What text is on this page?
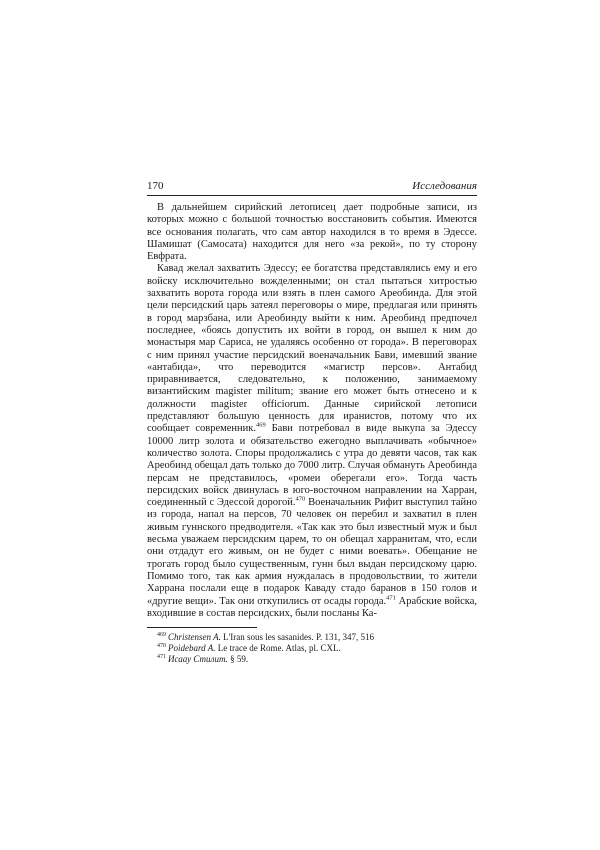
170	Исследования

В дальнейшем сирийский летописец дает подробные записи, из которых можно с большой точностью восстановить события. Имеются все основания полагать, что сам автор находился в то время в Эдессе. Шамишат (Самосата) находится для него «за рекой», по ту сторону Евфрата.

Кавад желал захватить Эдессу; ее богатства представлялись ему и его войску исключительно вожделенными; он стал пытаться хитростью захватить ворота города или взять в плен самого Ареобинда. Для этой цели персидский царь затеял переговоры о мире, предлагая или принять в город марзбана, или Ареобинду выйти к ним. Ареобинд предпочел последнее, «боясь допустить их войти в город, он вышел к ним до монастыря мар Сариса, не удаляясь особенно от города». В переговорах с ним принял участие персидский военачальник Бави, имевший звание «антабида», что переводится «магистр персов». Антабид приравнивается, следовательно, к положению, занимаемому византийским magister militum; звание его может быть отнесено и к должности magister officiorum. Данные сирийской летописи представляют большую ценность для иранистов, потому что их сообщает современник.$^{469}$ Бави потребовал в виде выкупа за Эдессу 10000 литр золота и обязательство ежегодно выплачивать «обычное» количество золота. Споры продолжались с утра до девяти часов, так как Ареобинд обещал дать только до 7000 литр. Случая обмануть Ареобинда персам не представилось, «ромеи оберегали его». Тогда часть персидских войск двинулась в юго-восточном направлении на Харран, соединенный с Эдессой дорогой.$^{470}$ Военачальник Рифит выступил тайно из города, напал на персов, 70 человек он перебил и захватил в плен живым гуннского предводителя. «Так как это был известный муж и был весьма уважаем персидским царем, то он обещал харранитам, что, если они отдадут его живым, он не будет с ними воевать». Обещание не трогать город было существенным, гунн был выдан персидскому царю. Помимо того, так как армия нуждалась в продовольствии, то жители Харрана послали еще в подарок Каваду стадо баранов в 150 голов и «другие вещи». Так они откупились от осады города.$^{471}$ Арабские войска, входившие в состав персидских, были посланы Ка-

$^{469}$ Christensen A. L'Iran sous les sasanides. P. 131, 347, 516
$^{470}$ Poidebard A. Le trace de Rome. Atlas, pl. CXL.
$^{471}$ Исаау Стилит. § 59.
